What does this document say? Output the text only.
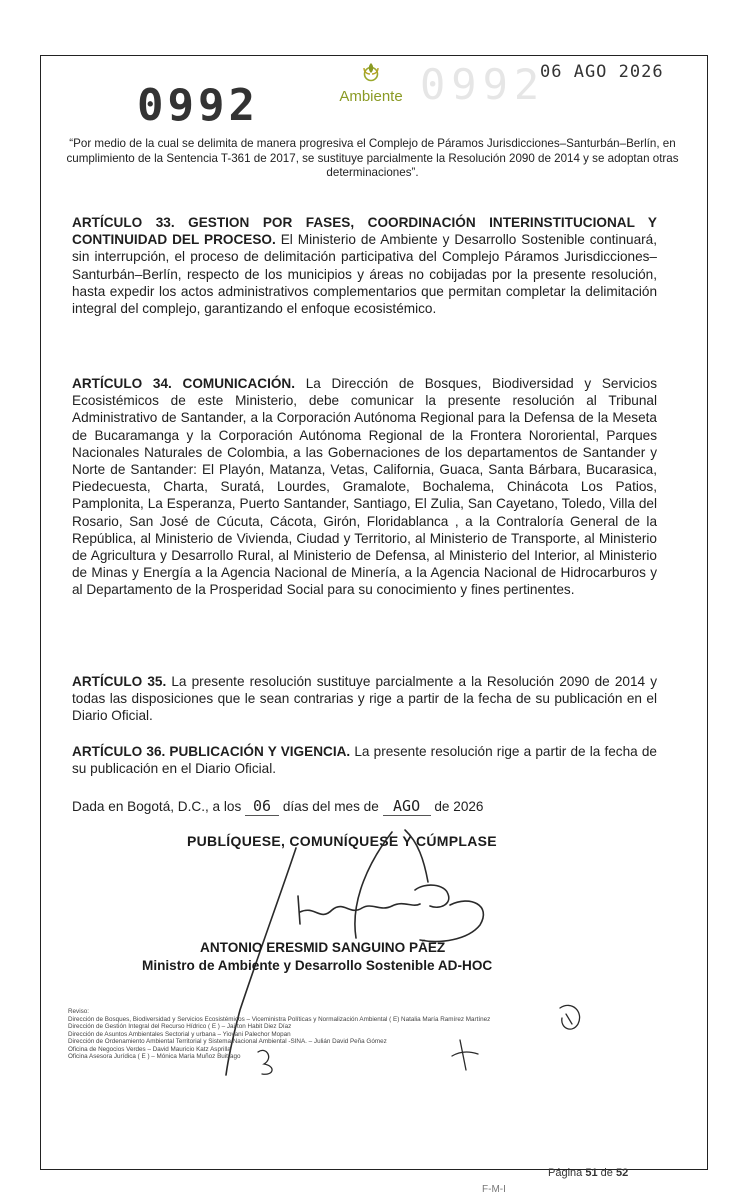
0992
0992
06 AGO 2026
Ambiente
“Por medio de la cual se delimita de manera progresiva el Complejo de Páramos Jurisdicciones–Santurbán–Berlín, en cumplimiento de la Sentencia T-361 de 2017, se sustituye parcialmente la Resolución 2090 de 2014 y se adoptan otras determinaciones”.

ARTÍCULO 33. GESTION POR FASES, COORDINACIÓN INTERINSTITUCIONAL Y CONTINUIDAD DEL PROCESO. El Ministerio de Ambiente y Desarrollo Sostenible continuará, sin interrupción, el proceso de delimitación participativa del Complejo Páramos Jurisdicciones–Santurbán–Berlín, respecto de los municipios y áreas no cobijadas por la presente resolución, hasta expedir los actos administrativos complementarios que permitan completar la delimitación integral del complejo, garantizando el enfoque ecosistémico.

ARTÍCULO 34. COMUNICACIÓN. La Dirección de Bosques, Biodiversidad y Servicios Ecosistémicos de este Ministerio, debe comunicar la presente resolución al Tribunal Administrativo de Santander, a la Corporación Autónoma Regional para la Defensa de la Meseta de Bucaramanga y la Corporación Autónoma Regional de la Frontera Nororiental, Parques Nacionales Naturales de Colombia, a las Gobernaciones de los departamentos de Santander y Norte de Santander: El Playón, Matanza, Vetas, California, Guaca, Santa Bárbara, Bucarasica, Piedecuesta, Charta, Suratá, Lourdes, Gramalote, Bochalema, Chinácota Los Patios, Pamplonita, La Esperanza, Puerto Santander, Santiago, El Zulia, San Cayetano, Toledo, Villa del Rosario, San José de Cúcuta, Cácota, Girón, Floridablanca , a la Contraloría General de la República, al Ministerio de Vivienda, Ciudad y Territorio, al Ministerio de Transporte, al Ministerio de Agricultura y Desarrollo Rural, al Ministerio de Defensa, al Ministerio del Interior, al Ministerio de Minas y Energía a la Agencia Nacional de Minería, a la Agencia Nacional de Hidrocarburos y al Departamento de la Prosperidad Social para su conocimiento y fines pertinentes.

ARTÍCULO 35. La presente resolución sustituye parcialmente a la Resolución 2090 de 2014 y todas las disposiciones que le sean contrarias y rige a partir de la fecha de su publicación en el Diario Oficial.

ARTÍCULO 36. PUBLICACIÓN Y VIGENCIA. La presente resolución rige a partir de la fecha de su publicación en el Diario Oficial.

Dada en Bogotá, D.C., a los 06 días del mes de AGO de 2026
PUBLÍQUESE, COMUNÍQUESE Y CÚMPLASE
ANTONIO ERESMID SANGUINO PÁEZ
Ministro de Ambiente y Desarrollo Sostenible AD-HOC
Reviso:
Dirección de Bosques, Biodiversidad y Servicios Ecosistémicos – Viceministra Políticas y Normalización Ambiental ( E) Natalia María Ramírez Martínez
Dirección de Gestión Integral del Recurso Hídrico ( E ) – Jairton Habit Diez Díaz
Dirección de Asuntos Ambientales Sectorial y urbana – Yiovani Palechor Mopan
Dirección de Ordenamiento Ambiental Territorial y Sistema Nacional Ambiental -SINA. – Julián David Peña Gómez
Oficina de Negocios Verdes – David Mauricio Katz Asprilla
Oficina Asesora Jurídica ( E ) – Mónica María Muñoz Buitrago
Página 51 de 52
F-M-I
